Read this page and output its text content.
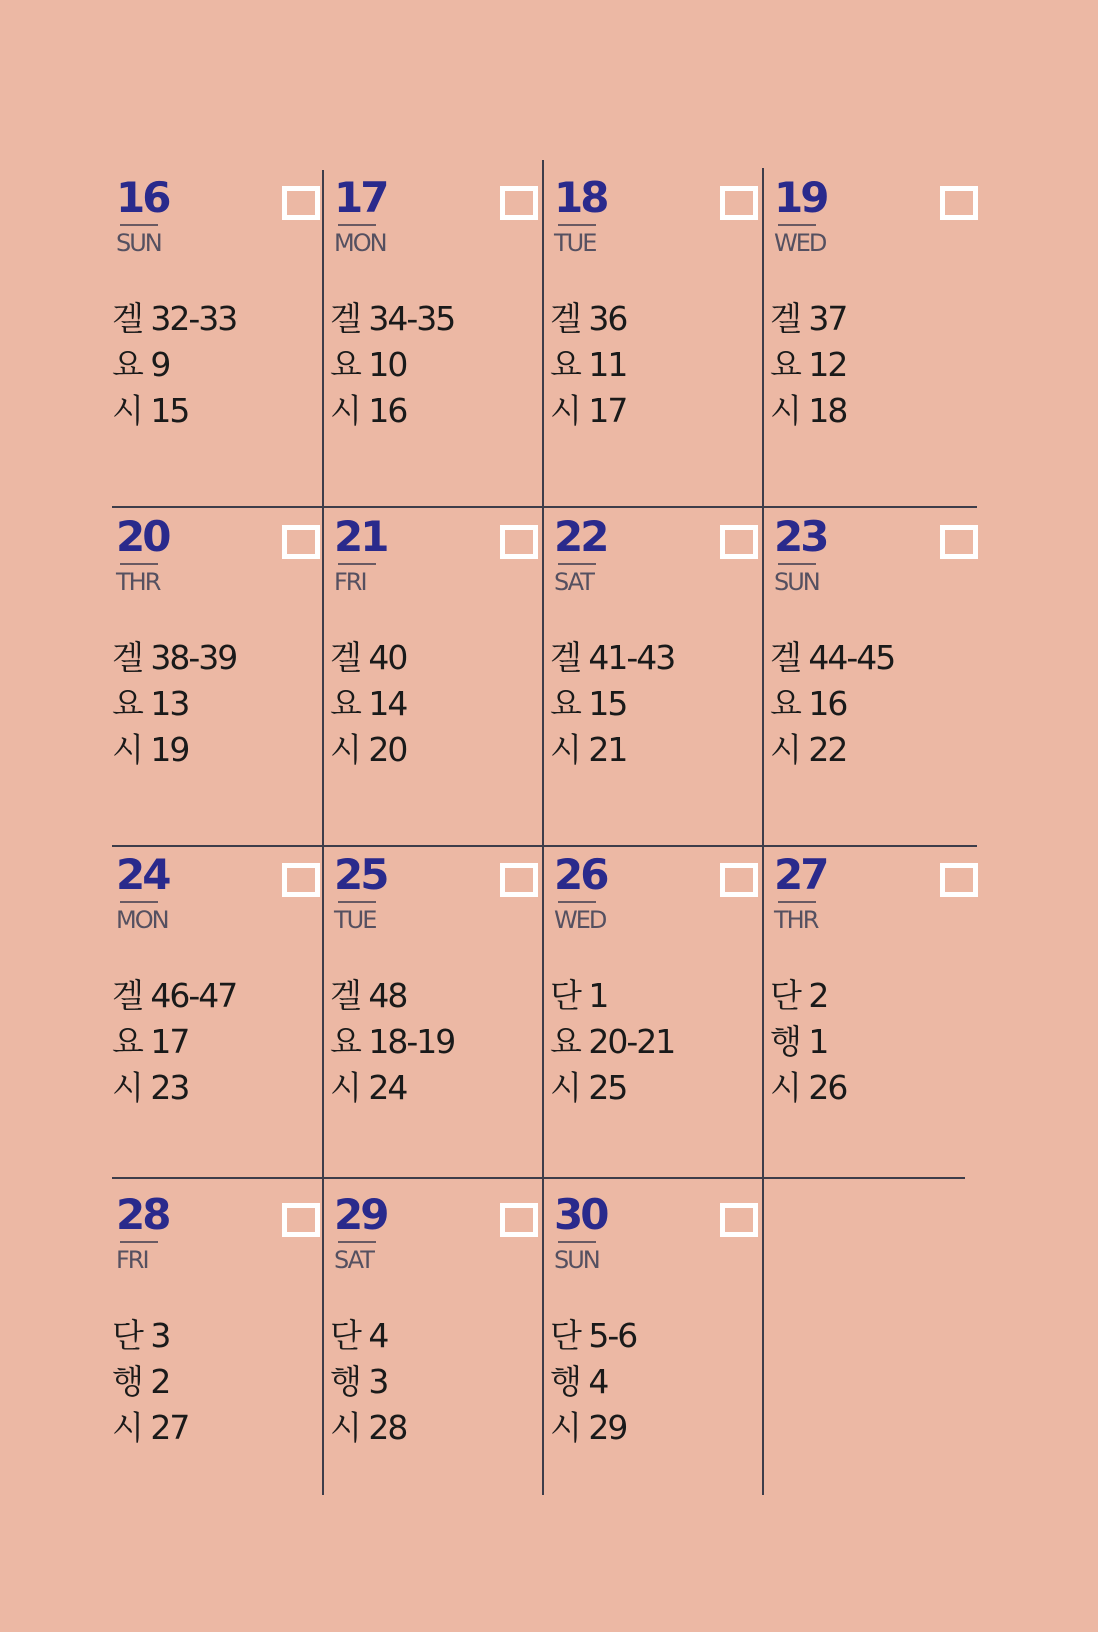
16
SUN
겔 32-33
요 9
시 15
17
MON
겔 34-35
요 10
시 16
18
TUE
겔 36
요 11
시 17
19
WED
겔 37
요 12
시 18
20
THR
겔 38-39
요 13
시 19
21
FRI
겔 40
요 14
시 20
22
SAT
겔 41-43
요 15
시 21
23
SUN
겔 44-45
요 16
시 22
24
MON
겔 46-47
요 17
시 23
25
TUE
겔 48
요 18-19
시 24
26
WED
단 1
요 20-21
시 25
27
THR
단 2
행 1
시 26
28
FRI
단 3
행 2
시 27
29
SAT
단 4
행 3
시 28
30
SUN
단 5-6
행 4
시 29
